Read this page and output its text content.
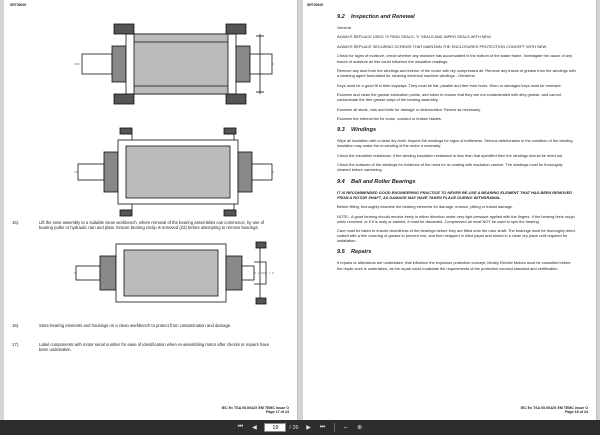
SRT00000
15).	Lift the rotor assembly to a suitable clean workbench, where removal of the bearing assemblies can commence, by use of bearing puller or hydraulic ram and plate. Ensure bearing circlip is removed (22) before attempting to remove bearings.
16).	Store bearing elements and housings on a clean workbench to protect from contamination and damage.
17).	Label components with motor serial number for ease of identification when re-assembling motor after checks or repairs have been undertaken.
IEC Ex TSA 05.0042X EM TEMC Issue O
Page 17 of 24
SRT00000
9.2	Inspection and Renewal

General

ALWAYS REPLACE USED 'O' RING SEALS, 'V' SEALS AND INPRO SEALS WITH NEW.

ALWAYS REPLACE SECURING SCREWS THAT MAINTAIN THE ENCLOSURES PROTECTION CONCEPT WITH NEW.

Check for signs of moisture, check whether any moisture has accumulated in the bottom of the stator frame. Investigate the cause of any traces of moisture as this could influence the insulation readings.

Remove any dust from the windings and interior of the motor with dry compressed air. Remove any traces of grease from the windings with a cleaning agent formulated for cleaning electrical machine windings - Genklene.

Keys must be a good fit in their keyways. They must be flat, parallel and free from burrs. Worn or damaged keys must be renewed.

Examine and clean the grease lubrication points, and tubes to ensure that they are not contaminated with dirty grease, and cannot contaminate the free grease ways of the bearing assembly.

Examine all studs, nuts and bolts for damage or deterioration. Renew as necessary.

Examine the internal fan for loose, cracked or broken blades.

9.3	Windings

Wipe all insulation with a clean dry cloth. Inspect the windings for signs of brittleness. Serious deterioration in the condition of the winding insulation may make the re-winding of the motor a necessity.

Check the insulation resistance, if the winding insulation resistance is less than that specified then the windings should be dried out.

Check the surfaces of the windings for evidence of the need for re-coating with insulation varnish. The windings must be thoroughly cleaned before varnishing.

9.4	Ball and Roller Bearings

IT IS RECOMMENDED GOOD ENGINEERING PRACTICE TO NEVER RE-USE A BEARING ELEMENT THAT HAS BEEN REMOVED FROM A ROTOR SHAFT, AS DAMAGE MAY HAVE TAKEN PLACE DURING WITHDRAWAL.

Before fitting, thoroughly examine the bearing elements for damage, erosion, pitting or transit damage.

NOTE:- A good bearing should revolve freely in either direction under very light pressure applied with the fingers. If the bearing feels rough when revolved, or if it is rusty or stained, it must be discarded. Compressed air must NOT be used to spin the bearing.

Care must be taken to ensure cleanliness of the bearings before they are fitted onto the rotor shaft. The bearings must be thoroughly dried, coated with a thin covering of grease to prevent rust, and then wrapped in oiled paper and stored in a clean dry place until required for installation.

9.5	Repairs

If repairs or alterations are undertaken, that influence the explosion protection concept, Morley Electric Motors must be consulted before the repair work is undertaken, as the repair could invalidate the requirements of the protection concept standard and certification.

IEC Ex TSA 05.0042X EM TEMC Issue O
Page 18 of 24
⏮	◀
19	/ 26	▶	⏭	⇔	⊕
